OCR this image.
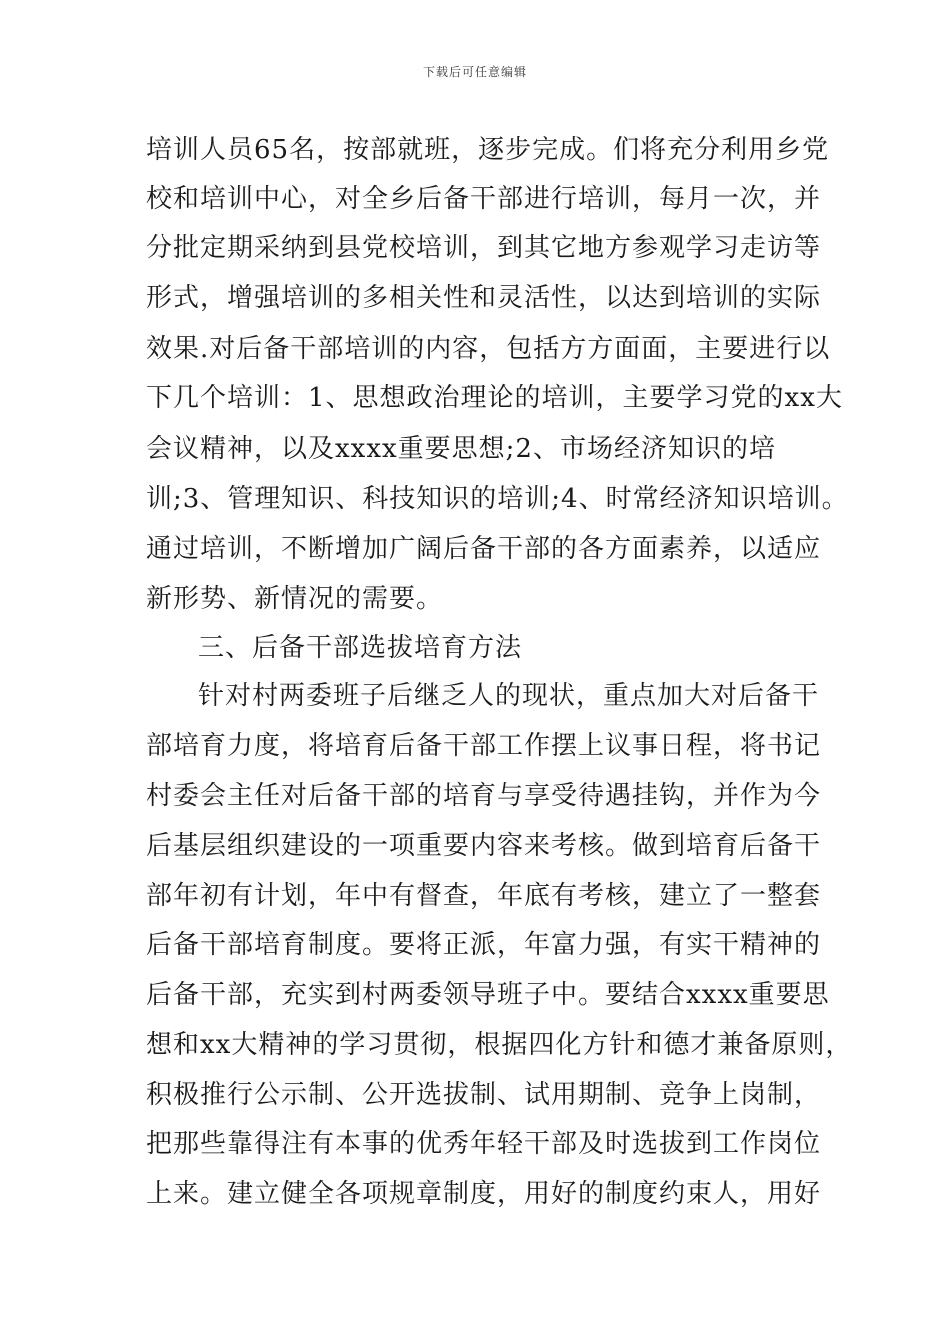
下载后可任意编辑
培训人员65名，按部就班，逐步完成。们将充分利用乡党
校和培训中心，对全乡后备干部进行培训，每月一次，并
分批定期采纳到县党校培训，到其它地方参观学习走访等
形式，增强培训的多相关性和灵活性，以达到培训的实际
效果.对后备干部培训的内容，包括方方面面，主要进行以
下几个培训：1、思想政治理论的培训，主要学习党的xx大
会议精神，以及xxxx重要思想;2、市场经济知识的培
训;3、管理知识、科技知识的培训;4、时常经济知识培训。
通过培训，不断增加广阔后备干部的各方面素养，以适应
新形势、新情况的需要。
三、后备干部选拔培育方法
针对村两委班子后继乏人的现状，重点加大对后备干
部培育力度，将培育后备干部工作摆上议事日程，将书记
村委会主任对后备干部的培育与享受待遇挂钩，并作为今
后基层组织建设的一项重要内容来考核。做到培育后备干
部年初有计划，年中有督查，年底有考核，建立了一整套
后备干部培育制度。要将正派，年富力强，有实干精神的
后备干部，充实到村两委领导班子中。要结合xxxx重要思
想和xx大精神的学习贯彻，根据四化方针和德才兼备原则，
积极推行公示制、公开选拔制、试用期制、竞争上岗制，
把那些靠得注有本事的优秀年轻干部及时选拔到工作岗位
上来。建立健全各项规章制度，用好的制度约束人，用好
